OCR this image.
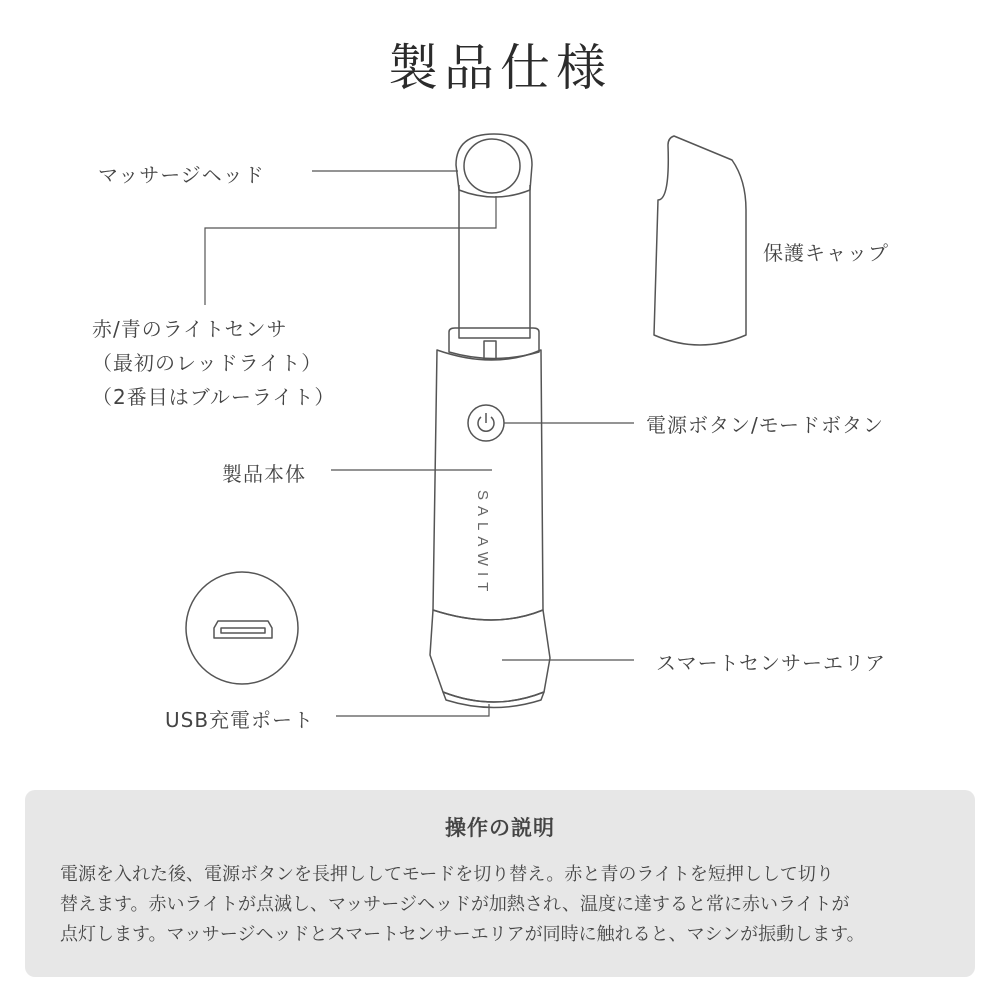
製品仕様
SALAWIT
マッサージヘッド
赤/青のライトセンサ
（最初のレッドライト）
（2番目はブルーライト）
製品本体
USB充電ポート
保護キャップ
電源ボタン/モードボタン
スマートセンサーエリア
操作の説明
電源を入れた後、電源ボタンを長押ししてモードを切り替え。赤と青のライトを短押しして切り
替えます。赤いライトが点滅し、マッサージヘッドが加熱され、温度に達すると常に赤いライトが
点灯します。マッサージヘッドとスマートセンサーエリアが同時に触れると、マシンが振動します。
